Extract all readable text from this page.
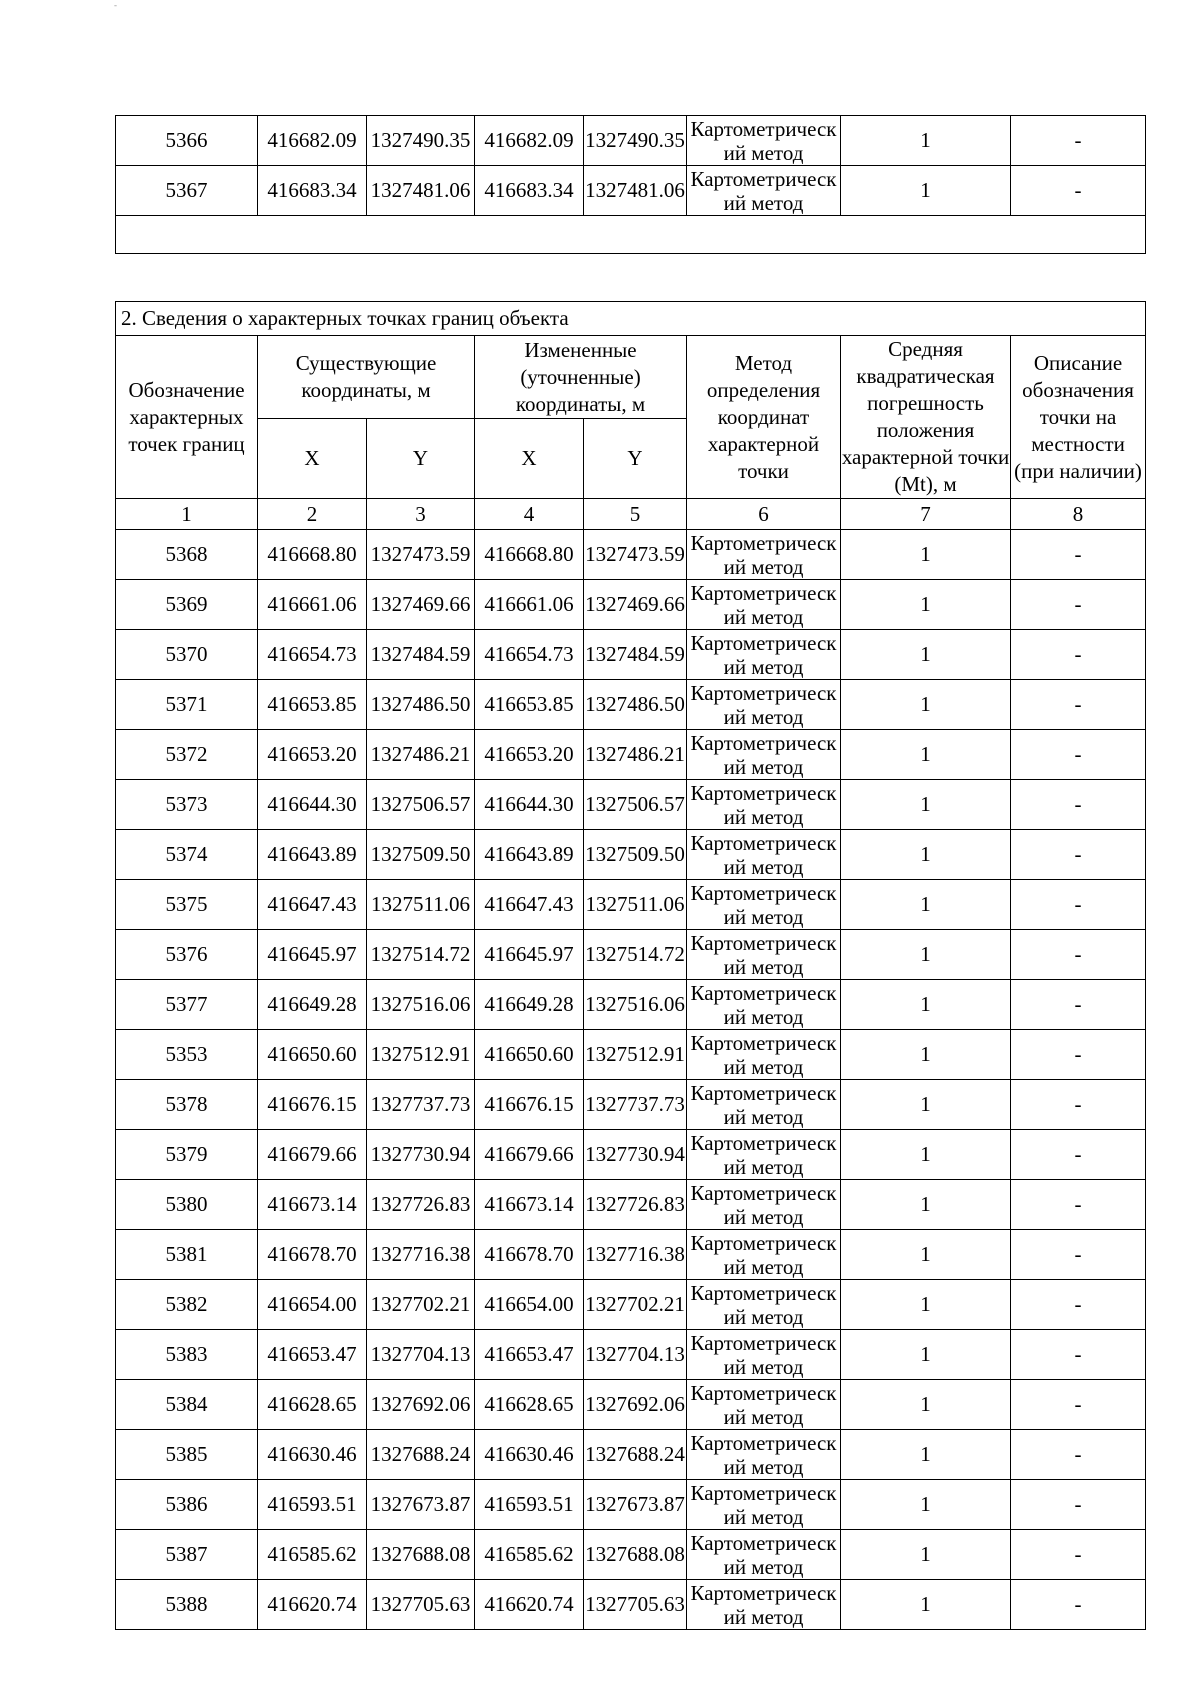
-
5366	416682.09	1327490.35	416682.09	1327490.35	Картометрический метод	1	-
5367	416683.34	1327481.06	416683.34	1327481.06	Картометрический метод	1	-

2. Сведения о характерных точках границ объекта							
Обозначение характерных точек границ	Существующие координаты, м		Измененные (уточненные) координаты, м		Метод определения координат характерной точки	Средняя квадратическая погрешность положения характерной точки (Mt), м	Описание обозначения точки на местности (при наличии)
	X	Y	X	Y			
1	2	3	4	5	6	7	8
5368	416668.80	1327473.59	416668.80	1327473.59	Картометрический метод	1	-
5369	416661.06	1327469.66	416661.06	1327469.66	Картометрический метод	1	-
5370	416654.73	1327484.59	416654.73	1327484.59	Картометрический метод	1	-
5371	416653.85	1327486.50	416653.85	1327486.50	Картометрический метод	1	-
5372	416653.20	1327486.21	416653.20	1327486.21	Картометрический метод	1	-
5373	416644.30	1327506.57	416644.30	1327506.57	Картометрический метод	1	-
5374	416643.89	1327509.50	416643.89	1327509.50	Картометрический метод	1	-
5375	416647.43	1327511.06	416647.43	1327511.06	Картометрический метод	1	-
5376	416645.97	1327514.72	416645.97	1327514.72	Картометрический метод	1	-
5377	416649.28	1327516.06	416649.28	1327516.06	Картометрический метод	1	-
5353	416650.60	1327512.91	416650.60	1327512.91	Картометрический метод	1	-
5378	416676.15	1327737.73	416676.15	1327737.73	Картометрический метод	1	-
5379	416679.66	1327730.94	416679.66	1327730.94	Картометрический метод	1	-
5380	416673.14	1327726.83	416673.14	1327726.83	Картометрический метод	1	-
5381	416678.70	1327716.38	416678.70	1327716.38	Картометрический метод	1	-
5382	416654.00	1327702.21	416654.00	1327702.21	Картометрический метод	1	-
5383	416653.47	1327704.13	416653.47	1327704.13	Картометрический метод	1	-
5384	416628.65	1327692.06	416628.65	1327692.06	Картометрический метод	1	-
5385	416630.46	1327688.24	416630.46	1327688.24	Картометрический метод	1	-
5386	416593.51	1327673.87	416593.51	1327673.87	Картометрический метод	1	-
5387	416585.62	1327688.08	416585.62	1327688.08	Картометрический метод	1	-
5388	416620.74	1327705.63	416620.74	1327705.63	Картометрический метод	1	-
